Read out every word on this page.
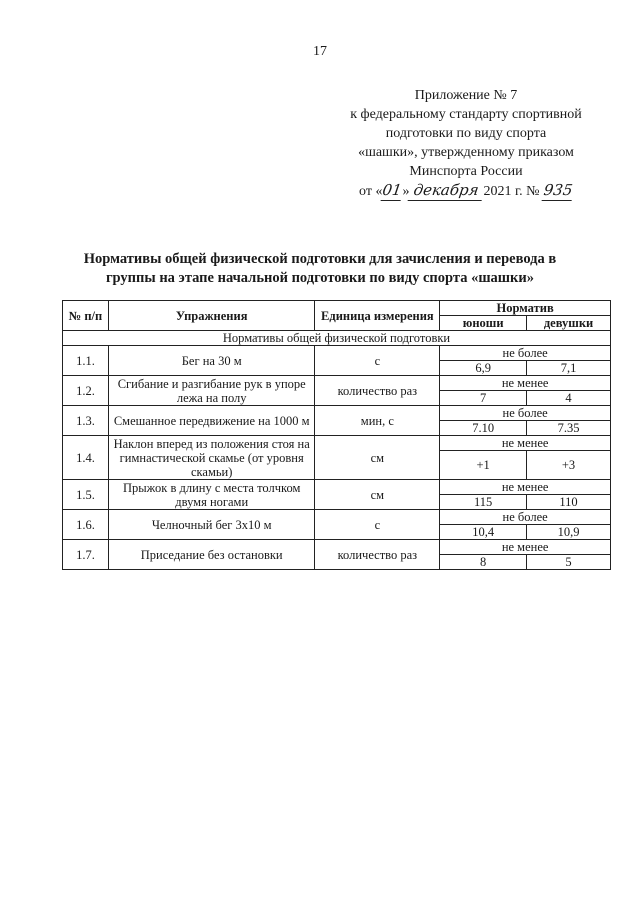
17
Приложение № 7
к федеральному стандарту спортивной
подготовки по виду спорта
«шашки», утвержденному приказом
Минспорта России
от «01» декабря 2021 г. № 935
Нормативы общей физической подготовки для зачисления и перевода в группы на этапе начальной подготовки по виду спорта «шашки»
№ п/п	Упражнения	Единица измерения	Норматив	
			юноши	девушки
Нормативы общей физической подготовки				
1.1.	Бег на 30 м	с	не более	
			6,9	7,1
1.2.	Сгибание и разгибание рук в упоре лежа на полу	количество раз	не менее	
			7	4
1.3.	Смешанное передвижение на 1000 м	мин, с	не более	
			7.10	7.35
1.4.	Наклон вперед из положения стоя на гимнастической скамье (от уровня скамьи)	см	не менее	
			+1	+3
1.5.	Прыжок в длину с места толчком двумя ногами	см	не менее	
			115	110
1.6.	Челночный бег 3х10 м	с	не более	
			10,4	10,9
1.7.	Приседание без остановки	количество раз	не менее	
			8	5
